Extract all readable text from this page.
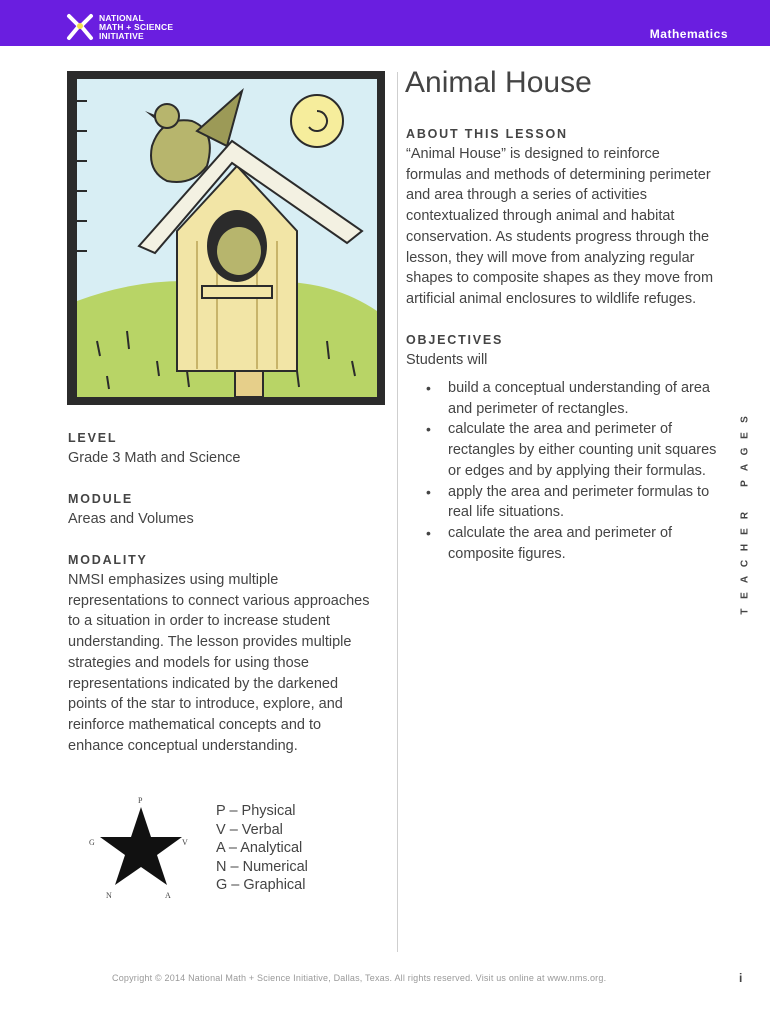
NATIONAL
MATH + SCIENCE
INITIATIVE	Mathematics
LEVEL
Grade 3 Math and Science
MODULE
Areas and Volumes
MODALITY
NMSI emphasizes using multiple
representations to connect various approaches
to a situation in order to increase student
understanding. The lesson provides multiple
strategies and models for using those
representations indicated by the darkened
points of the star to introduce, explore, and
reinforce mathematical concepts and to
enhance conceptual understanding.
P
V
G
N	A
P – Physical
V – Verbal
A – Analytical
N – Numerical
G – Graphical
Animal House
ABOUT THIS LESSON
“Animal House” is designed to reinforce
formulas and methods of determining perimeter
and area through a series of activities
contextualized through animal and habitat
conservation. As students progress through the
lesson, they will move from analyzing regular
shapes to composite shapes as they move from
artificial animal enclosures to wildlife refuges.
OBJECTIVES
Students will
• build a conceptual understanding of area
and perimeter of rectangles.
• calculate the area and perimeter of
rectangles by either counting unit squares
or edges and by applying their formulas.
• apply the area and perimeter formulas to
real life situations.
• calculate the area and perimeter of
composite figures.
T
E
A
C
H
E
R
P
A
G
E
S
Copyright © 2014 National Math + Science Initiative, Dallas, Texas. All rights reserved. Visit us online at www.nms.org.	i
